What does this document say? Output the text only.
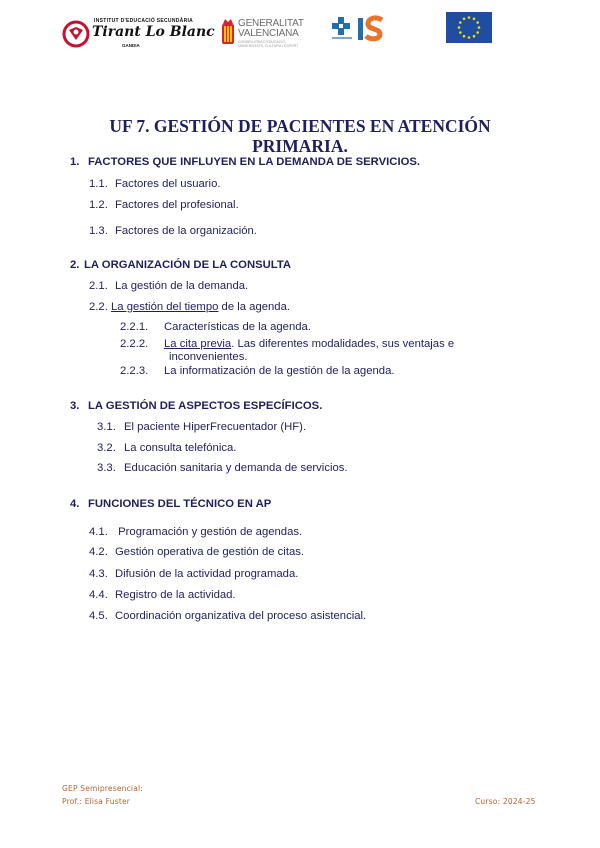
INSTITUT D'EDUCACIÓ SECUNDÀRIA
Tirant Lo Blanc
GANDIA
GENERALITAT
VALENCIANA
CONSELLERIA D'EDUCACIÓ, UNIVERSITATS, CULTURA I ESPORT
UF 7. GESTIÓN DE PACIENTES EN ATENCIÓN
PRIMARIA.
1. FACTORES QUE INFLUYEN EN LA DEMANDA DE SERVICIOS.
1.1. Factores del usuario.
1.2. Factores del profesional.
1.3. Factores de la organización.
2. LA ORGANIZACIÓN DE LA CONSULTA
2.1. La gestión de la demanda.
2.2. La gestión del tiempo de la agenda.
2.2.1. Características de la agenda.
2.2.2. La cita previa. Las diferentes modalidades, sus ventajas e
inconvenientes.
2.2.3. La informatización de la gestión de la agenda.
3. LA GESTIÓN DE ASPECTOS ESPECÍFICOS.
3.1. El paciente HiperFrecuentador (HF).
3.2. La consulta telefónica.
3.3. Educación sanitaria y demanda de servicios.
4. FUNCIONES DEL TÉCNICO EN AP
4.1. Programación y gestión de agendas.
4.2. Gestión operativa de gestión de citas.
4.3. Difusión de la actividad programada.
4.4. Registro de la actividad.
4.5. Coordinación organizativa del proceso asistencial.
GEP Semipresencial:
Prof.: Elisa Fuster	Curso: 2024-25
